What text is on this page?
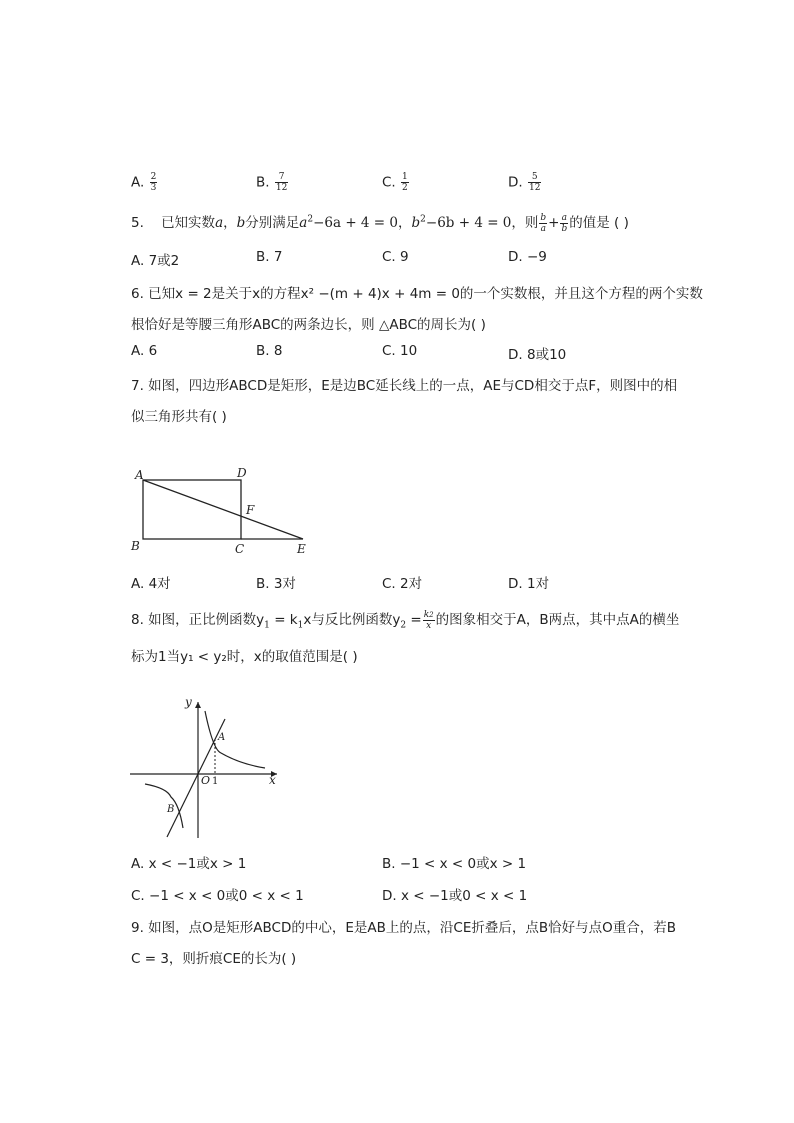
A. $\frac{2}{3}$	B. $\frac{7}{12}$	C. $\frac{1}{2}$	D. $\frac{5}{12}$
5. 已知实数a，b分别满足$a^2-6a + 4 = 0$，$b^2-6b + 4 = 0$，则 $\frac{b}{a} + \frac{a}{b}$ 的值是 ( )
A. 7或2	B. 7	C. 9	D. −9
6. 已知x = 2是关于x的方程x² −(m + 4)x + 4m = 0的一个实数根，并且这个方程的两个实数
根恰好是等腰三角形ABC的两条边长，则 △ABC的周长为( )
A. 6	B. 8	C. 10	D. 8或10
7. 如图，四边形ABCD是矩形，E是边BC延长线上的一点，AE与CD相交于点F，则图中的相
似三角形共有( )
A	D
F
B	C	E
A. 4对	B. 3对	C. 2对	D. 1对
8. 如图，正比例函数$y_1 = k_1x$与反比例函数$y_2 = \frac{k2}{x}$ 的图象相交于A，B两点，其中点A的横坐
标为1当y₁ < y₂时，x的取值范围是( )
y
x
O 1
A
B
A. x < −1或x > 1	B. −1 < x < 0或x > 1
C. −1 < x < 0或0 < x < 1	D. x < −1或0 < x < 1
9. 如图，点O是矩形ABCD的中心，E是AB上的点，沿CE折叠后，点B恰好与点O重合，若B
C = 3，则折痕CE的长为( )
